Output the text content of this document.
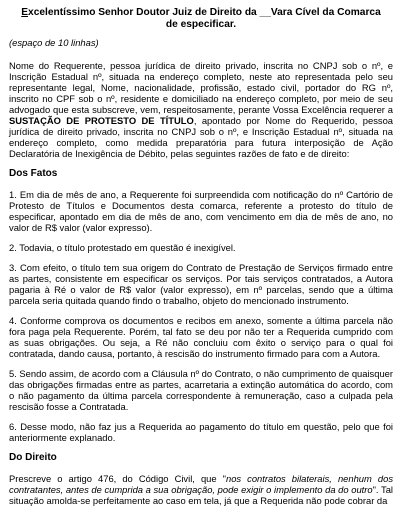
Excelentíssimo Senhor Doutor Juiz de Direito da __Vara Cível da Comarca
de especificar.
(espaço de 10 linhas)

Nome do Requerente, pessoa jurídica de direito privado, inscrita no CNPJ sob o nº, e Inscrição Estadual nº, situada na endereço completo, neste ato representada pelo seu representante legal, Nome, nacionalidade, profissão, estado civil, portador do RG nº, inscrito no CPF sob o nº, residente e domiciliado na endereço completo, por meio de seu advogado que esta subscreve, vem, respeitosamente, perante Vossa Excelência requerer a SUSTAÇÃO DE PROTESTO DE TÍTULO, apontado por Nome do Requerido, pessoa jurídica de direito privado, inscrita no CNPJ sob o nº, e Inscrição Estadual nº, situada na endereço completo, como medida preparatória para futura interposição de Ação Declaratória de Inexigência de Débito, pelas seguintes razões de fato e de direito:

Dos Fatos

1. Em dia de mês de ano, a Requerente foi surpreendida com notificação do nº Cartório de Protesto de Títulos e Documentos desta comarca, referente a protesto do título de especificar, apontado em dia de mês de ano, com vencimento em dia de mês de ano, no valor de R$ valor (valor expresso).

2. Todavia, o título protestado em questão é inexigível.

3. Com efeito, o título tem sua origem do Contrato de Prestação de Serviços firmado entre as partes, consistente em especificar os serviços. Por tais serviços contratados, a Autora pagaria à Ré o valor de R$ valor (valor expresso), em nº parcelas, sendo que a última parcela seria quitada quando findo o trabalho, objeto do mencionado instrumento.

4. Conforme comprova os documentos e recibos em anexo, somente a última parcela não fora paga pela Requerente. Porém, tal fato se deu por não ter a Requerida cumprido com as suas obrigações. Ou seja, a Ré não concluiu com êxito o serviço para o qual foi contratada, dando causa, portanto, à rescisão do instrumento firmado para com a Autora.

5. Sendo assim, de acordo com a Cláusula nº do Contrato, o não cumprimento de quaisquer das obrigações firmadas entre as partes, acarretaria a extinção automática do acordo, com o não pagamento da última parcela correspondente à remuneração, caso a culpada pela rescisão fosse a Contratada.

6. Desse modo, não faz jus a Requerida ao pagamento do título em questão, pelo que foi anteriormente explanado.

Do Direito

Prescreve o artigo 476, do Código Civil, que "nos contratos bilaterais, nenhum dos contratantes, antes de cumprida a sua obrigação, pode exigir o implemento da do outro". Tal situação amolda-se perfeitamente ao caso em tela, já que a Requerida não pode cobrar da
